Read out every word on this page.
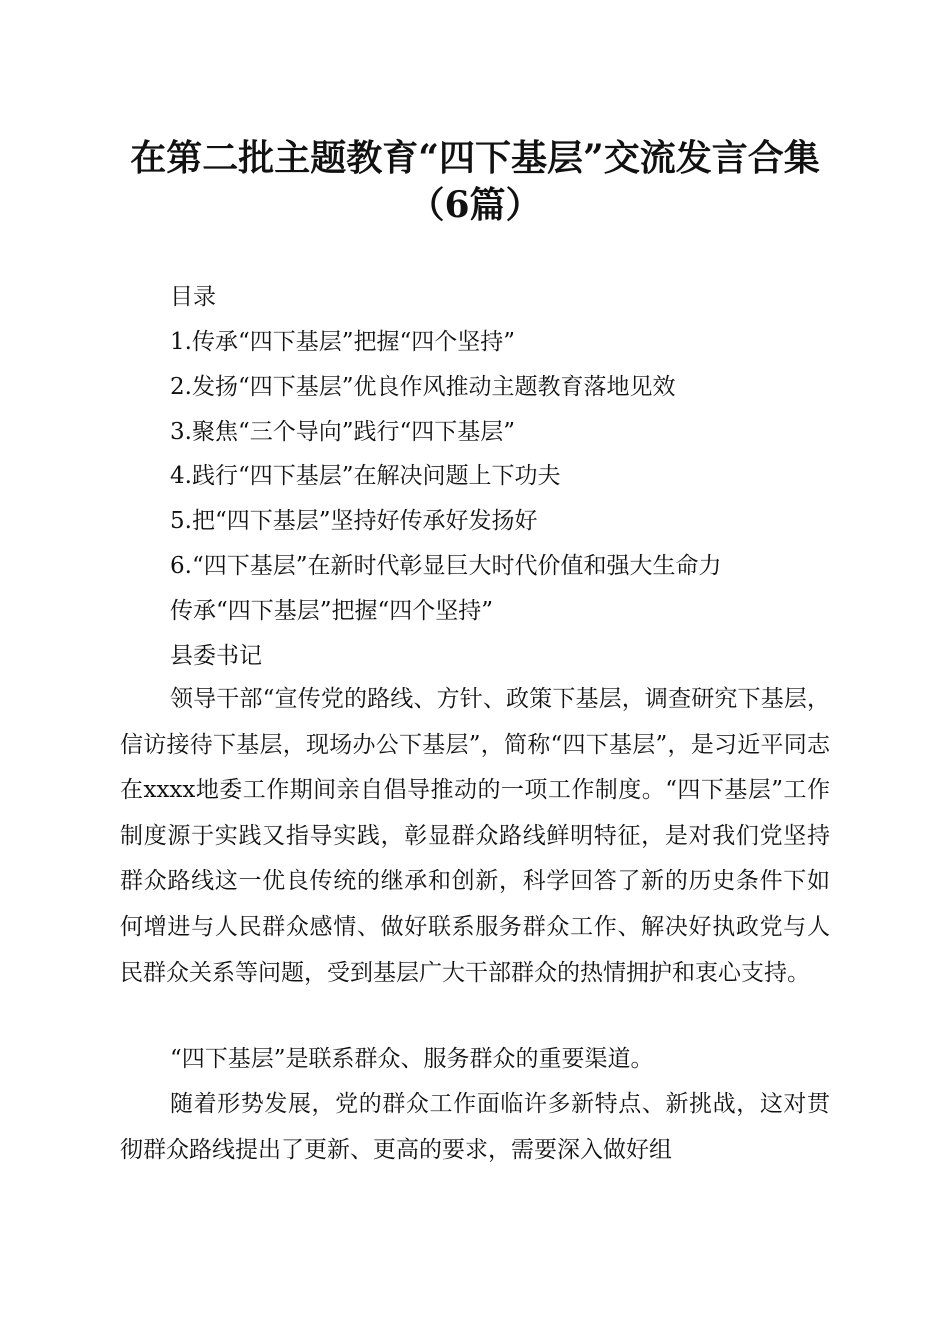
在第二批主题教育“四下基层”交流发言合集
（6篇）

目录

1.传承“四下基层”把握“四个坚持”

2.发扬“四下基层”优良作风推动主题教育落地见效

3.聚焦“三个导向”践行“四下基层”

4.践行“四下基层”在解决问题上下功夫

5.把“四下基层”坚持好传承好发扬好

6.“四下基层”在新时代彰显巨大时代价值和强大生命力

传承“四下基层”把握“四个坚持”

县委书记

领导干部“宣传党的路线、方针、政策下基层，调查研究下基层，信访接待下基层，现场办公下基层”，简称“四下基层”，是习近平同志在xxxx地委工作期间亲自倡导推动的一项工作制度。“四下基层”工作制度源于实践又指导实践，彰显群众路线鲜明特征，是对我们党坚持群众路线这一优良传统的继承和创新，科学回答了新的历史条件下如何增进与人民群众感情、做好联系服务群众工作、解决好执政党与人民群众关系等问题，受到基层广大干部群众的热情拥护和衷心支持。

“四下基层”是联系群众、服务群众的重要渠道。

随着形势发展，党的群众工作面临许多新特点、新挑战，这对贯彻群众路线提出了更新、更高的要求，需要深入做好组
